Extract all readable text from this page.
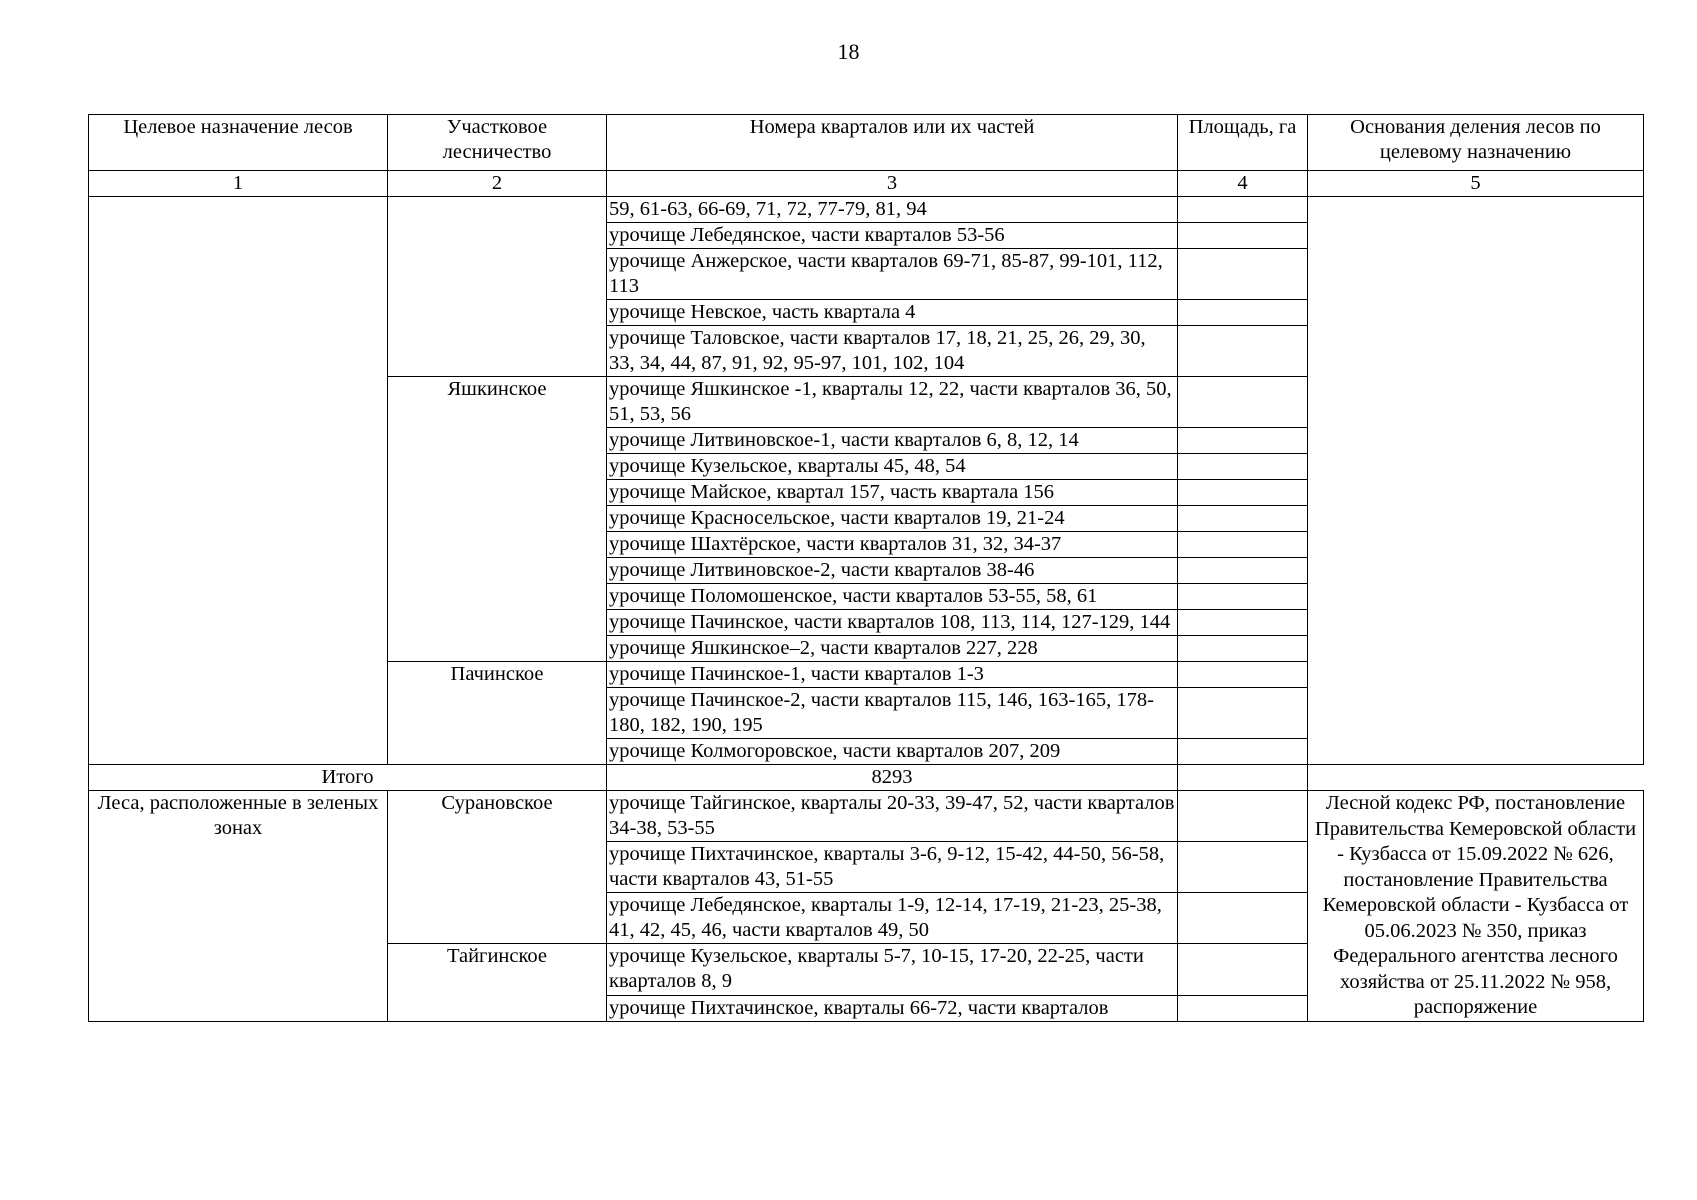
18
Целевое назначение лесов	Участковое лесничество	Номера кварталов или их частей	Площадь, га	Основания деления лесов по целевому назначению
1	2	3	4	5
		59, 61-63, 66-69, 71, 72, 77-79, 81, 94		
		урочище Лебедянское, части кварталов 53-56		
		урочище Анжерское, части кварталов 69-71, 85-87, 99-101, 112, 113		
		урочище Невское, часть квартала 4		
		урочище Таловское, части кварталов 17, 18, 21, 25, 26, 29, 30, 33, 34, 44, 87, 91, 92, 95-97, 101, 102, 104		
	Яшкинское	урочище Яшкинское -1, кварталы 12, 22, части кварталов 36, 50, 51, 53, 56		
		урочище Литвиновское-1, части кварталов 6, 8, 12, 14		
		урочище Кузельское, кварталы 45, 48, 54		
		урочище Майское, квартал 157, часть квартала 156		
		урочище Красносельское, части кварталов 19, 21-24		
		урочище Шахтёрское, части кварталов 31, 32, 34-37		
		урочище Литвиновское-2, части кварталов 38-46		
		урочище Поломошенское, части кварталов 53-55, 58, 61		
		урочище Пачинское, части кварталов 108, 113, 114, 127-129, 144		
		урочище Яшкинское–2, части кварталов 227, 228		
	Пачинское	урочище Пачинское-1, части кварталов 1-3		
		урочище Пачинское-2, части кварталов 115, 146, 163-165, 178-180, 182, 190, 195		
		урочище Колмогоровское, части кварталов 207, 209		
Итого		8293		
Леса, расположенные в зеленых зонах	Сурановское	урочище Тайгинское, кварталы 20-33, 39-47, 52, части кварталов 34-38, 53-55		Лесной кодекс РФ, постановление Правительства Кемеровской области - Кузбасса от 15.09.2022 № 626, постановление Правительства Кемеровской области - Кузбасса от 05.06.2023 № 350, приказ Федерального агентства лесного хозяйства от 25.11.2022 № 958, распоряжение
		урочище Пихтачинское, кварталы 3-6, 9-12, 15-42, 44-50, 56-58, части кварталов 43, 51-55		
		урочище Лебедянское, кварталы 1-9, 12-14, 17-19, 21-23, 25-38, 41, 42, 45, 46, части кварталов 49, 50		
	Тайгинское	урочище Кузельское, кварталы 5-7, 10-15, 17-20, 22-25, части кварталов 8, 9		
		урочище Пихтачинское, кварталы 66-72, части кварталов		
